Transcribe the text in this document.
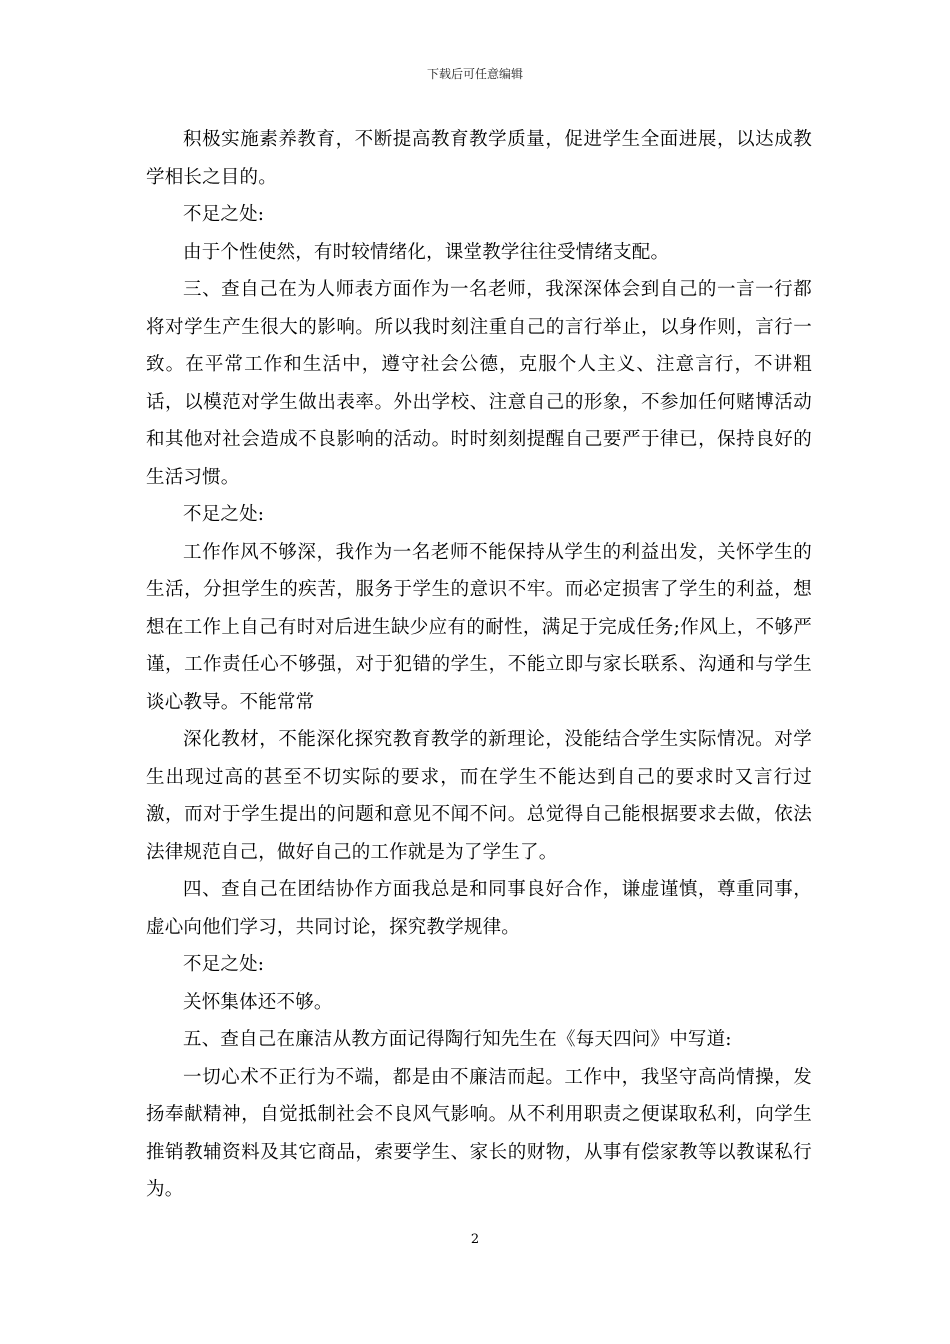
下载后可任意编辑

积极实施素养教育，不断提高教育教学质量，促进学生全面进展，以达成教学相长之目的。

不足之处:

由于个性使然，有时较情绪化，课堂教学往往受情绪支配。

三、查自己在为人师表方面作为一名老师，我深深体会到自己的一言一行都将对学生产生很大的影响。所以我时刻注重自己的言行举止，以身作则，言行一致。在平常工作和生活中，遵守社会公德，克服个人主义、注意言行，不讲粗话，以模范对学生做出表率。外出学校、注意自己的形象，不参加任何赌博活动和其他对社会造成不良影响的活动。时时刻刻提醒自己要严于律已，保持良好的生活习惯。

不足之处:

工作作风不够深，我作为一名老师不能保持从学生的利益出发，关怀学生的生活，分担学生的疾苦，服务于学生的意识不牢。而必定损害了学生的利益，想想在工作上自己有时对后进生缺少应有的耐性，满足于完成任务;作风上，不够严谨，工作责任心不够强，对于犯错的学生，不能立即与家长联系、沟通和与学生谈心教导。不能常常

深化教材，不能深化探究教育教学的新理论，没能结合学生实际情况。对学生出现过高的甚至不切实际的要求，而在学生不能达到自己的要求时又言行过激，而对于学生提出的问题和意见不闻不问。总觉得自己能根据要求去做，依法法律规范自己，做好自己的工作就是为了学生了。

四、查自己在团结协作方面我总是和同事良好合作，谦虚谨慎，尊重同事，虚心向他们学习，共同讨论，探究教学规律。

不足之处:

关怀集体还不够。

五、查自己在廉洁从教方面记得陶行知先生在《每天四问》中写道:

一切心术不正行为不端，都是由不廉洁而起。工作中，我坚守高尚情操，发扬奉献精神，自觉抵制社会不良风气影响。从不利用职责之便谋取私利，向学生推销教辅资料及其它商品，索要学生、家长的财物，从事有偿家教等以教谋私行为。

2
